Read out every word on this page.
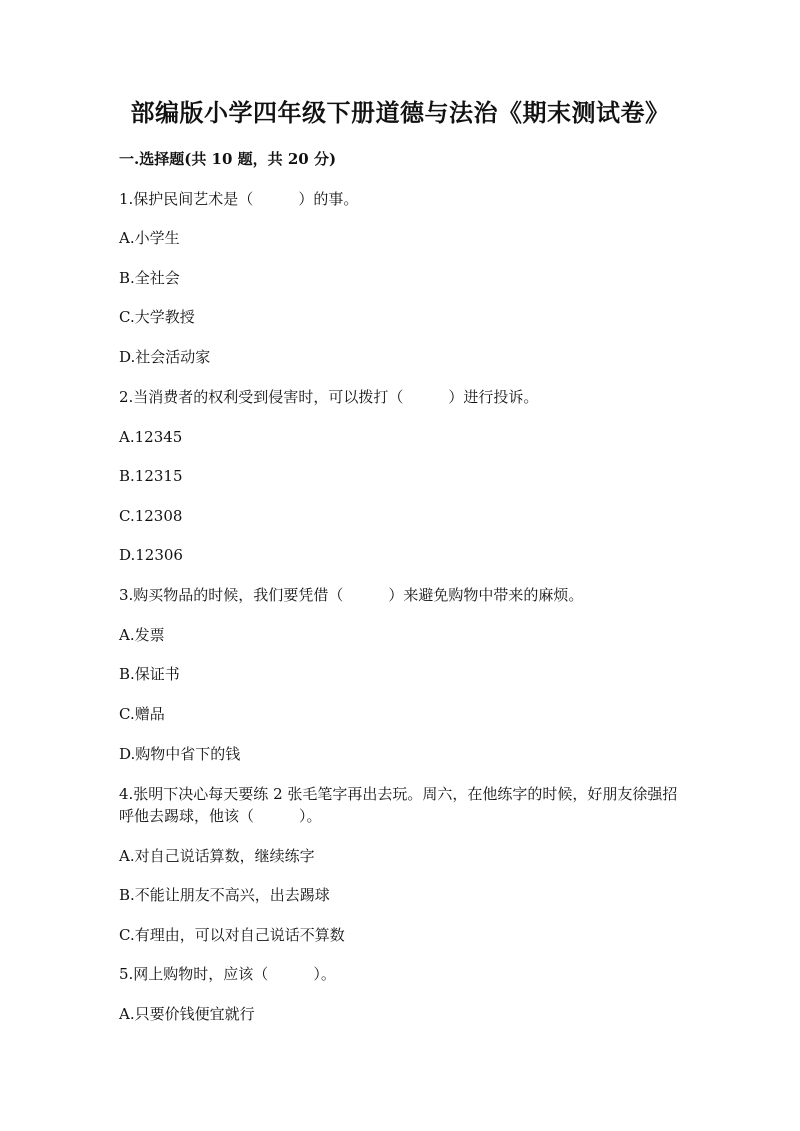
部编版小学四年级下册道德与法治《期末测试卷》
一.选择题(共 10 题，共 20 分)
1.保护民间艺术是（　　　）的事。
A.小学生
B.全社会
C.大学教授
D.社会活动家
2.当消费者的权利受到侵害时，可以拨打（　　　）进行投诉。
A.12345
B.12315
C.12308
D.12306
3.购买物品的时候，我们要凭借（　　　）来避免购物中带来的麻烦。
A.发票
B.保证书
C.赠品
D.购物中省下的钱
4.张明下决心每天要练 2 张毛笔字再出去玩。周六，在他练字的时候，好朋友徐强招呼他去踢球，他该（　　　）。
A.对自己说话算数，继续练字
B.不能让朋友不高兴，出去踢球
C.有理由，可以对自己说话不算数
5.网上购物时，应该（　　　）。
A.只要价钱便宜就行
